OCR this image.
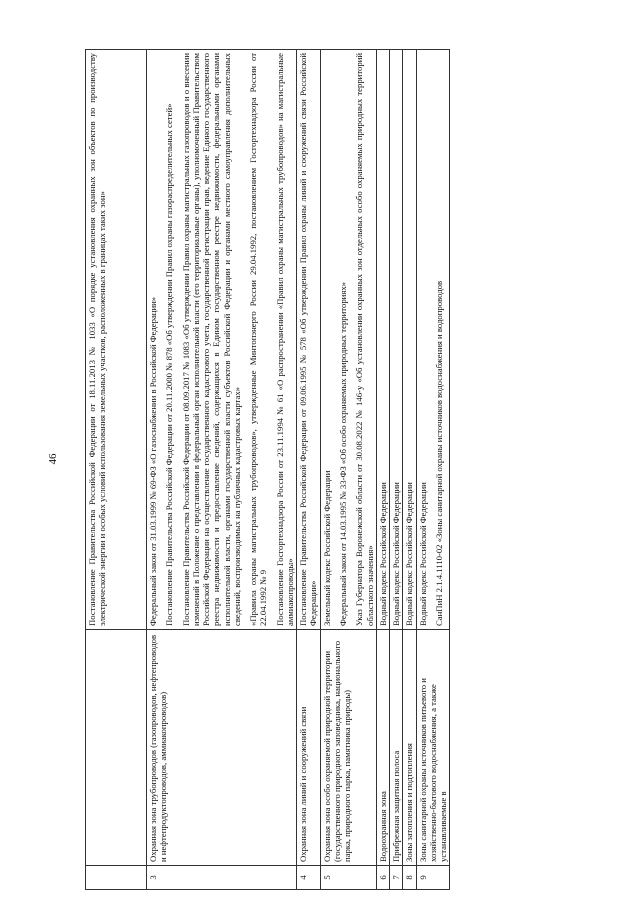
46

		Постановление Правительства Российской Федерации от 18.11.2013 № 1033 «О порядке установления охранных зон объектов по производству электрической энергии и особых условий использования земельных участков, расположенных в границах таких зон»

3	Охранная зона трубопроводов (газопроводов, нефтепроводов и нефтепродуктопроводов, аммиакопроводов)	Федеральный закон от 31.03.1999 № 69-ФЗ «О газоснабжении в Российской Федерации» Постановление Правительства Российской Федерации от 20.11.2000 № 878 «Об утверждении Правил охраны газораспределительных сетей» Постановление Правительства Российской Федерации от 08.09.2017 № 1083 «Об утверждении Правил охраны магистральных газопроводов и о внесении изменений в Положение о представлении в федеральный орган исполнительной власти (его территориальные органы), уполномоченный Правительством Российской Федерации на осуществление государственного кадастрового учета, государственной регистрации прав, ведение Единого государственного реестра недвижимости и предоставление сведений, содержащихся в Едином государственном реестре недвижимости, федеральными органами исполнительной власти, органами государственной власти субъектов Российской Федерации и органами местного самоуправления дополнительных сведений, воспроизводимых на публичных кадастровых картах» «Правила охраны магистральных трубопроводов», утвержденные Минтопэнерго России 29.04.1992, постановлением Госгортехнадзора России от 22.04.1992 № 9 Постановление Госгортехнадзора России от 23.11.1994 № 61 «О распространении «Правил охраны магистральных трубопроводов» на магистральные аммиакопроводы»

4	Охранная зона линий и сооружений связи	Постановление Правительства Российской Федерации от 09.06.1995 № 578 «Об утверждении Правил охраны линий и сооружений связи Российской Федерации»

5	Охранная зона особо охраняемой природной территории (государственного природного заповедника, национального парка, природного парка, памятника природы)	Земельный кодекс Российской Федерации Федеральный закон от 14.03.1995 № 33-ФЗ «Об особо охраняемых природных территориях» Указ Губернатора Воронежской области от 30.08.2022 № 146-у «Об установлении охранных зон отдельных особо охраняемых природных территорий областного значения»

6	Водоохранная зона	Водный кодекс Российской Федерации

7	Прибрежная защитная полоса	Водный кодекс Российской Федерации

8	Зоны затопления и подтопления	Водный кодекс Российской Федерации

9	Зоны санитарной охраны источников питьевого и хозяйственно-бытового водоснабжения, а также устанавливаемые в	Водный кодекс Российской Федерации СанПиН 2.1.4.1110-02 «Зоны санитарной охраны источников водоснабжения и водопроводов
